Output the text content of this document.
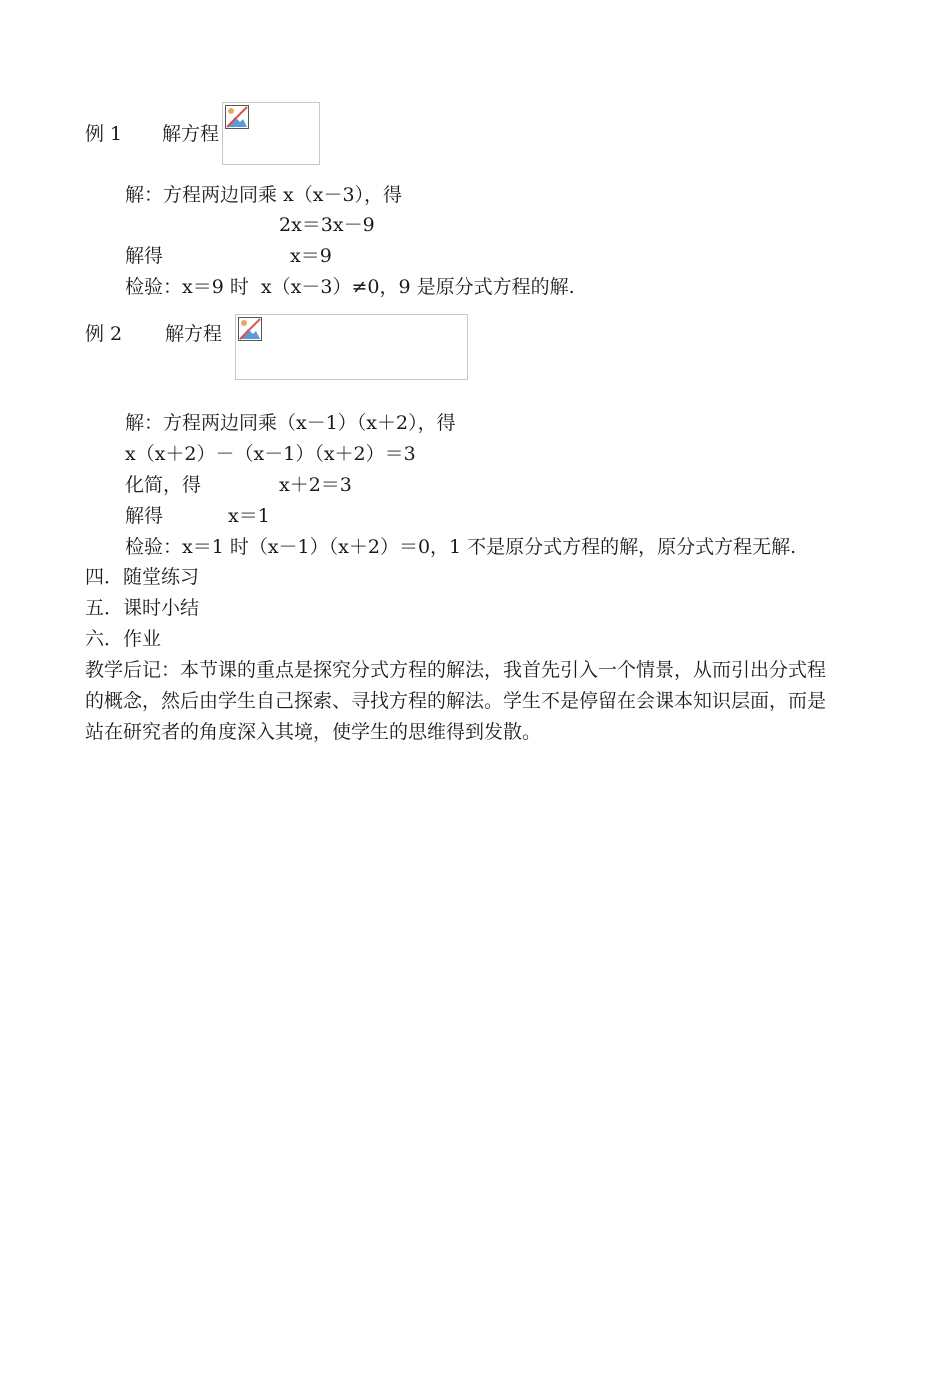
例 1 解方程
解：方程两边同乘 x（x－3），得
2x＝3x－9
解得	x＝9
检验：x＝9 时  x（x－3）≠0，9 是原分式方程的解.
例 2 解方程
解：方程两边同乘（x－1）（x＋2），得
x（x＋2）－（x－1）（x＋2）＝3
化简，得	x＋2＝3
解得	x＝1
检验：x＝1 时（x－1）（x＋2）＝0，1 不是原分式方程的解，原分式方程无解.
四．随堂练习
五．课时小结
六．作业
教学后记：本节课的重点是探究分式方程的解法，我首先引入一个情景，从而引出分式程
的概念，然后由学生自己探索、寻找方程的解法。学生不是停留在会课本知识层面，而是
站在研究者的角度深入其境，使学生的思维得到发散。
